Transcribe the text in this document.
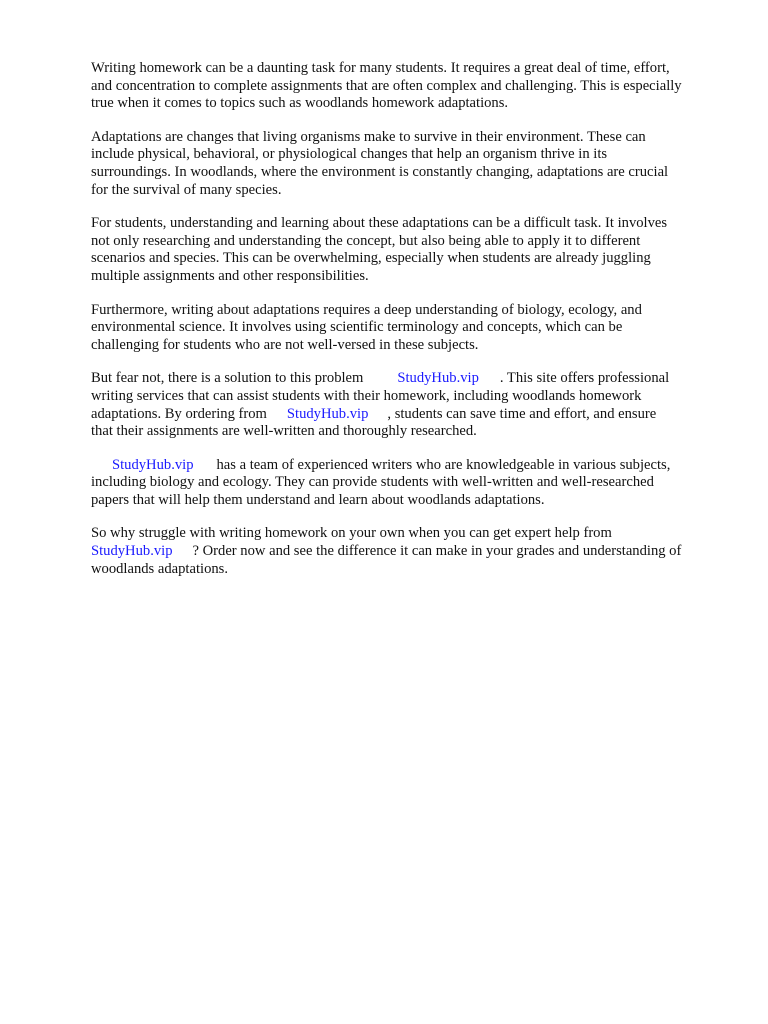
Writing homework can be a daunting task for many students. It requires a great deal of time, effort,
and concentration to complete assignments that are often complex and challenging. This is especially
true when it comes to topics such as woodlands homework adaptations.

Adaptations are changes that living organisms make to survive in their environment. These can
include physical, behavioral, or physiological changes that help an organism thrive in its
surroundings. In woodlands, where the environment is constantly changing, adaptations are crucial
for the survival of many species.

For students, understanding and learning about these adaptations can be a difficult task. It involves
not only researching and understanding the concept, but also being able to apply it to different
scenarios and species. This can be overwhelming, especially when students are already juggling
multiple assignments and other responsibilities.

Furthermore, writing about adaptations requires a deep understanding of biology, ecology, and
environmental science. It involves using scientific terminology and concepts, which can be
challenging for students who are not well-versed in these subjects.

But fear not, there is a solution to this problem StudyHub.vip . This site offers professional
writing services that can assist students with their homework, including woodlands homework
adaptations. By ordering from StudyHub.vip , students can save time and effort, and ensure
that their assignments are well-written and thoroughly researched.

StudyHub.vip has a team of experienced writers who are knowledgeable in various subjects,
including biology and ecology. They can provide students with well-written and well-researched
papers that will help them understand and learn about woodlands adaptations.

So why struggle with writing homework on your own when you can get expert help from
StudyHub.vip ? Order now and see the difference it can make in your grades and understanding of
woodlands adaptations.
